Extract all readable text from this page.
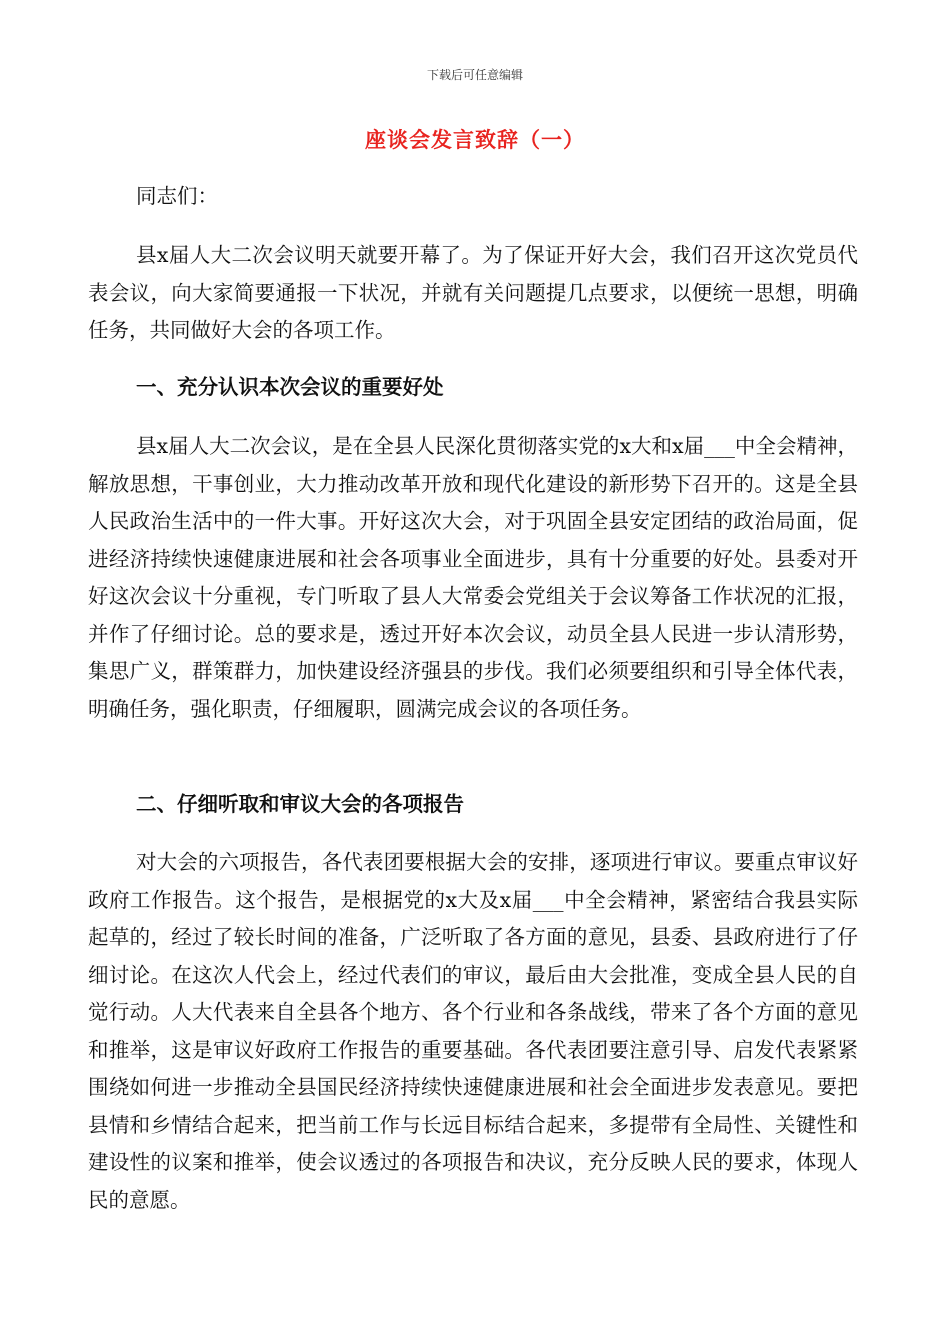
下载后可任意编辑
座谈会发言致辞（一）
同志们：
县x届人大二次会议明天就要开幕了。为了保证开好大会，我们召开这次党员代表会议，向大家简要通报一下状况，并就有关问题提几点要求，以便统一思想，明确任务，共同做好大会的各项工作。
一、充分认识本次会议的重要好处
县x届人大二次会议，是在全县人民深化贯彻落实党的x大和x届___中全会精神，解放思想，干事创业，大力推动改革开放和现代化建设的新形势下召开的。这是全县人民政治生活中的一件大事。开好这次大会，对于巩固全县安定团结的政治局面，促进经济持续快速健康进展和社会各项事业全面进步，具有十分重要的好处。县委对开好这次会议十分重视，专门听取了县人大常委会党组关于会议筹备工作状况的汇报，并作了仔细讨论。总的要求是，透过开好本次会议，动员全县人民进一步认清形势，集思广义，群策群力，加快建设经济强县的步伐。我们必须要组织和引导全体代表，明确任务，强化职责，仔细履职，圆满完成会议的各项任务。
二、仔细听取和审议大会的各项报告
对大会的六项报告，各代表团要根据大会的安排，逐项进行审议。要重点审议好政府工作报告。这个报告，是根据党的x大及x届___中全会精神，紧密结合我县实际起草的，经过了较长时间的准备，广泛听取了各方面的意见，县委、县政府进行了仔细讨论。在这次人代会上，经过代表们的审议，最后由大会批准，变成全县人民的自觉行动。人大代表来自全县各个地方、各个行业和各条战线，带来了各个方面的意见和推举，这是审议好政府工作报告的重要基础。各代表团要注意引导、启发代表紧紧围绕如何进一步推动全县国民经济持续快速健康进展和社会全面进步发表意见。要把县情和乡情结合起来，把当前工作与长远目标结合起来，多提带有全局性、关键性和建设性的议案和推举，使会议透过的各项报告和决议，充分反映人民的要求，体现人民的意愿。
